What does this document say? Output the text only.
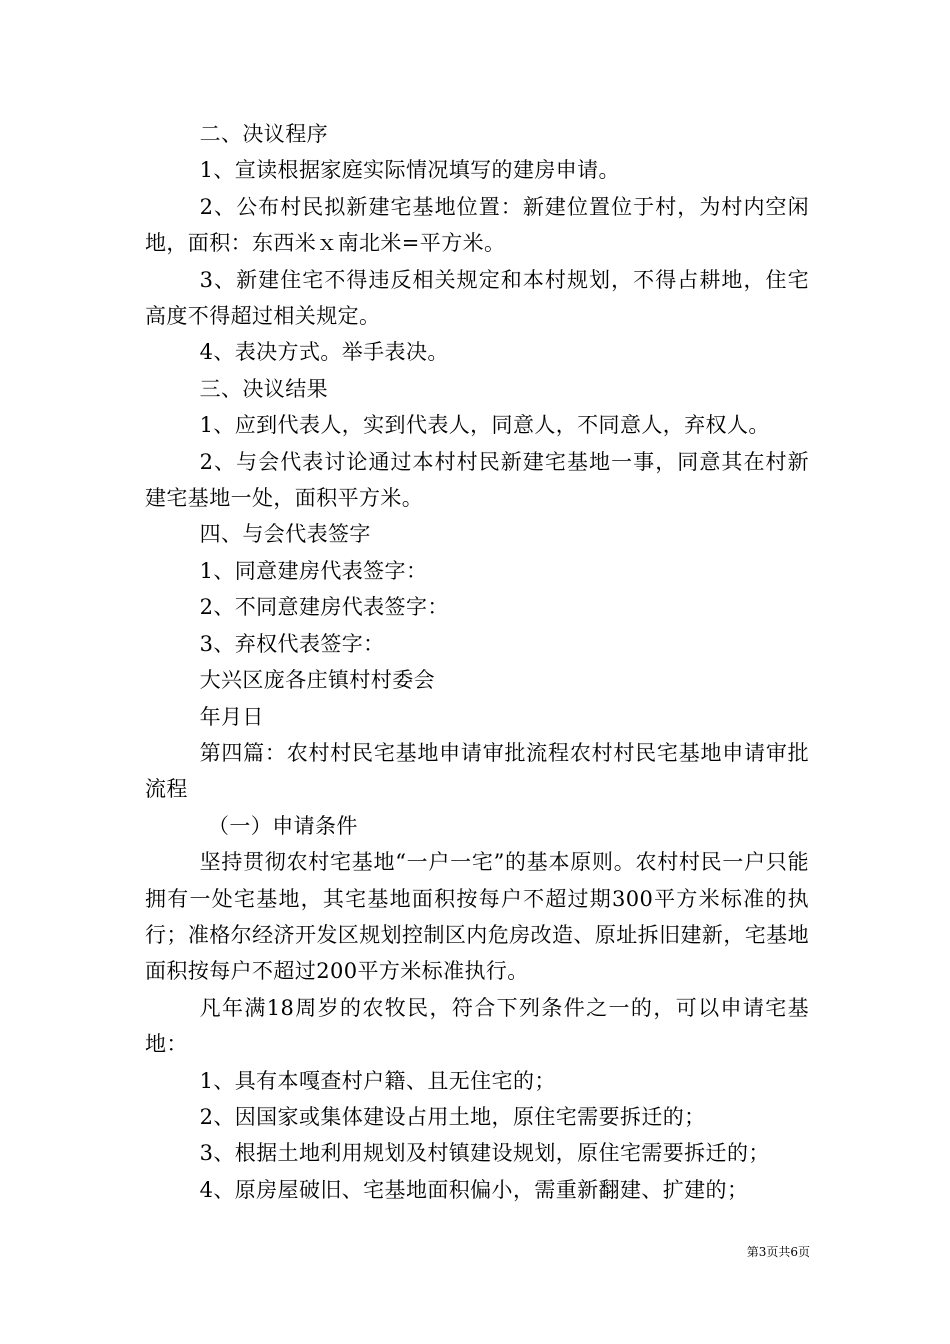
二、决议程序

1、宣读根据家庭实际情况填写的建房申请。

2、公布村民拟新建宅基地位置：新建位置位于村，为村内空闲地，面积：东西米ｘ南北米=平方米。

3、新建住宅不得违反相关规定和本村规划，不得占耕地，住宅高度不得超过相关规定。

4、表决方式。举手表决。

三、决议结果

1、应到代表人，实到代表人，同意人，不同意人，弃权人。

2、与会代表讨论通过本村村民新建宅基地一事，同意其在村新建宅基地一处，面积平方米。

四、与会代表签字

1、同意建房代表签字：

2、不同意建房代表签字：

3、弃权代表签字：

大兴区庞各庄镇村村委会

年月日

第四篇：农村村民宅基地申请审批流程农村村民宅基地申请审批流程

（一）申请条件

坚持贯彻农村宅基地“一户一宅”的基本原则。农村村民一户只能拥有一处宅基地，其宅基地面积按每户不超过期300平方米标准的执行；准格尔经济开发区规划控制区内危房改造、原址拆旧建新，宅基地面积按每户不超过200平方米标准执行。

凡年满18周岁的农牧民，符合下列条件之一的，可以申请宅基地：

1、具有本嘎查村户籍、且无住宅的；

2、因国家或集体建设占用土地，原住宅需要拆迁的；

3、根据土地利用规划及村镇建设规划，原住宅需要拆迁的；

4、原房屋破旧、宅基地面积偏小，需重新翻建、扩建的；

第3页共6页
